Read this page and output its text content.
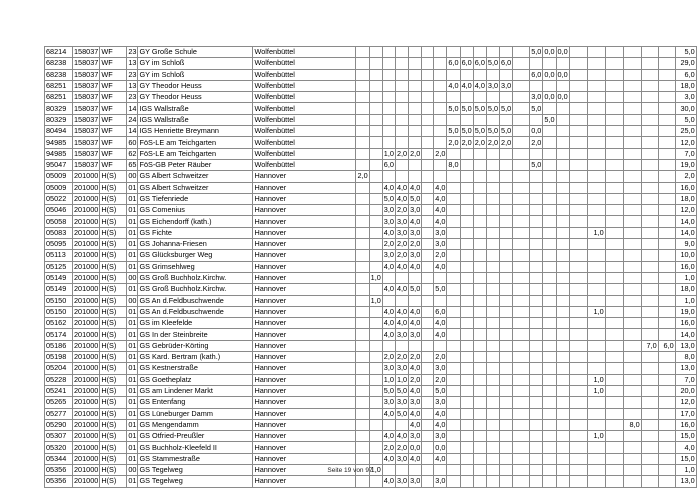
68214	158037	WF	23	GY Große Schule	Wolfenbüttel														5,0	0,0	0,0							5,0
68238	158037	WF	13	GY im Schloß	Wolfenbüttel								6,0	6,0	6,0	5,0	6,0											29,0
68238	158037	WF	23	GY im Schloß	Wolfenbüttel														6,0	0,0	0,0							6,0
68251	158037	WF	13	GY Theodor Heuss	Wolfenbüttel								4,0	4,0	4,0	3,0	3,0											18,0
68251	158037	WF	23	GY Theodor Heuss	Wolfenbüttel														3,0	0,0	0,0							3,0
80329	158037	WF	14	IGS Wallstraße	Wolfenbüttel								5,0	5,0	5,0	5,0	5,0		5,0									30,0
80329	158037	WF	24	IGS Wallstraße	Wolfenbüttel															5,0								5,0
80494	158037	WF	14	IGS Henriette Breymann	Wolfenbüttel								5,0	5,0	5,0	5,0	5,0		0,0									25,0
94985	158037	WF	60	FöS-LE am Teichgarten	Wolfenbüttel								2,0	2,0	2,0	2,0	2,0		2,0									12,0
94985	158037	WF	62	FöS-LE am Teichgarten	Wolfenbüttel			1,0	2,0	2,0		2,0																7,0
95047	158037	WF	65	FöS-GB Peter Räuber	Wolfenbüttel			6,0					8,0						5,0									19,0
05009	201000	H(S)	00	GS Albert Schweitzer	Hannover	2,0																						2,0
05009	201000	H(S)	01	GS Albert Schweitzer	Hannover			4,0	4,0	4,0		4,0																16,0
05022	201000	H(S)	01	GS Tiefenriede	Hannover			5,0	4,0	5,0		4,0																18,0
05046	201000	H(S)	01	GS Comenius	Hannover			3,0	2,0	3,0		4,0																12,0
05058	201000	H(S)	01	GS Eichendorff (kath.)	Hannover			3,0	3,0	4,0		4,0																14,0
05083	201000	H(S)	01	GS Fichte	Hannover			4,0	3,0	3,0		3,0											1,0					14,0
05095	201000	H(S)	01	GS Johanna-Friesen	Hannover			2,0	2,0	2,0		3,0																9,0
05113	201000	H(S)	01	GS Glücksburger Weg	Hannover			3,0	2,0	3,0		2,0																10,0
05125	201000	H(S)	01	GS Grimsehlweg	Hannover			4,0	4,0	4,0		4,0																16,0
05149	201000	H(S)	00	GS Groß Buchholz.Kirchw.	Hannover		1,0																					1,0
05149	201000	H(S)	01	GS Groß Buchholz.Kirchw.	Hannover			4,0	4,0	5,0		5,0																18,0
05150	201000	H(S)	00	GS An d.Feldbuschwende	Hannover		1,0																					1,0
05150	201000	H(S)	01	GS An d.Feldbuschwende	Hannover			4,0	4,0	4,0		6,0											1,0					19,0
05162	201000	H(S)	01	GS im Kleefelde	Hannover			4,0	4,0	4,0		4,0																16,0
05174	201000	H(S)	01	GS In der Steinbreite	Hannover			4,0	3,0	3,0		4,0																14,0
05186	201000	H(S)	01	GS Gebrüder-Körting	Hannover																					7,0	6,0	13,0
05198	201000	H(S)	01	GS Kard. Bertram (kath.)	Hannover			2,0	2,0	2,0		2,0																8,0
05204	201000	H(S)	01	GS Kestnerstraße	Hannover			3,0	3,0	4,0		3,0																13,0
05228	201000	H(S)	01	GS Goetheplatz	Hannover			1,0	1,0	2,0		2,0											1,0					7,0
05241	201000	H(S)	01	GS am Lindener Markt	Hannover			5,0	5,0	4,0		5,0											1,0					20,0
05265	201000	H(S)	01	GS Entenfang	Hannover			3,0	3,0	3,0		3,0																12,0
05277	201000	H(S)	01	GS Lüneburger Damm	Hannover			4,0	5,0	4,0		4,0																17,0
05290	201000	H(S)	01	GS Mengendamm	Hannover					4,0		4,0													8,0			16,0
05307	201000	H(S)	01	GS Otfried-Preußler	Hannover			4,0	4,0	3,0		3,0											1,0					15,0
05320	201000	H(S)	01	GS Buchholz-Kleefeld II	Hannover			2,0	2,0	0,0		0,0																4,0
05344	201000	H(S)	01	GS Stammestraße	Hannover			4,0	3,0	4,0		4,0																15,0
05356	201000	H(S)	00	GS Tegelweg	Hannover		1,0																					1,0
05356	201000	H(S)	01	GS Tegelweg	Hannover			4,0	3,0	3,0		3,0																13,0
Seite 19 von 97
